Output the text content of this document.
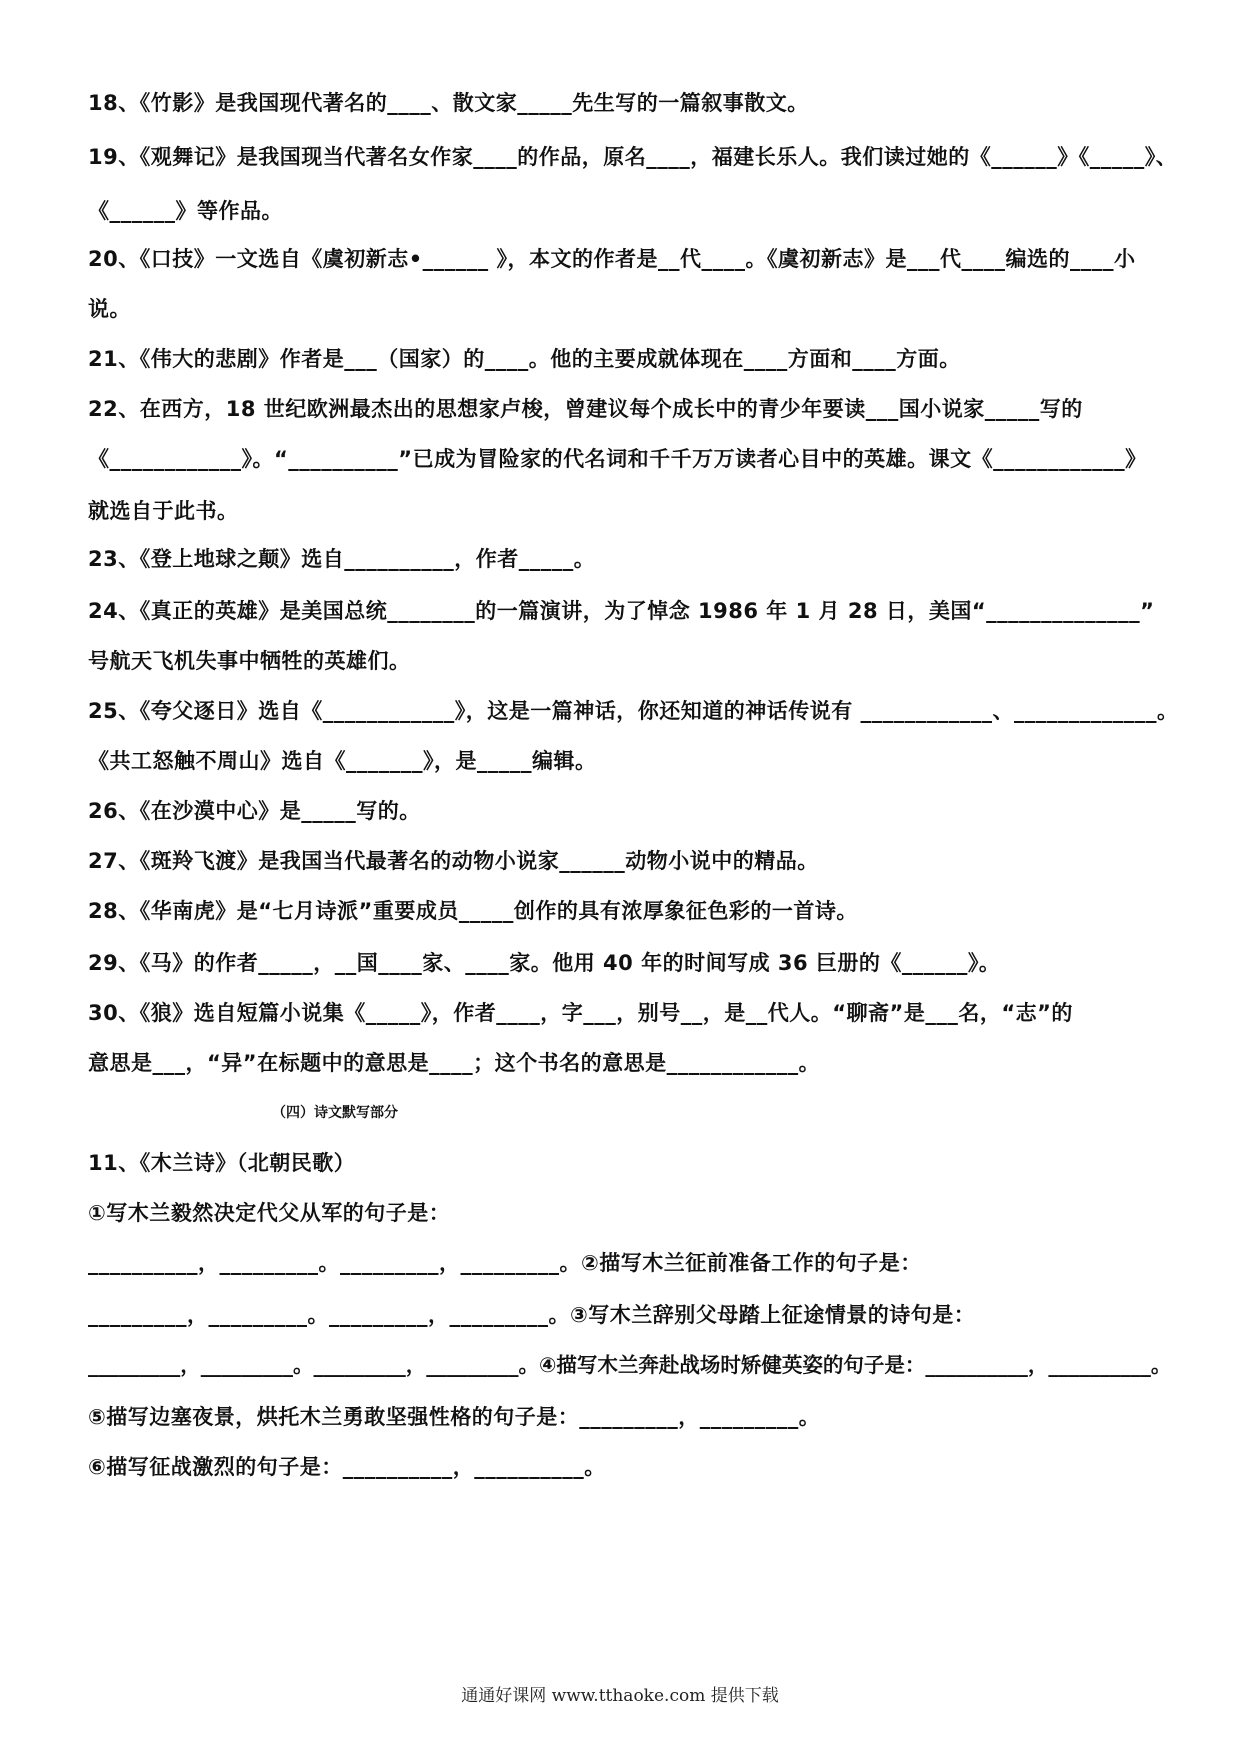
18、《竹影》是我国现代著名的____、散文家_____先生写的一篇叙事散文。
19、《观舞记》是我国现当代著名女作家____的作品，原名____，福建长乐人。我们读过她的《______》《_____》、
《______》等作品。
20、《口技》一文选自《虞初新志•______ 》，本文的作者是__代____。《虞初新志》是___代____编选的____小
说。
21、《伟大的悲剧》作者是___（国家）的____。他的主要成就体现在____方面和____方面。
22、在西方，18 世纪欧洲最杰出的思想家卢梭，曾建议每个成长中的青少年要读___国小说家_____写的
《____________》。“__________”已成为冒险家的代名词和千千万万读者心目中的英雄。课文《____________》
就选自于此书。
23、《登上地球之颠》选自__________，作者_____。
24、《真正的英雄》是美国总统________的一篇演讲，为了悼念 1986 年 1 月 28 日，美国“______________”
号航天飞机失事中牺牲的英雄们。
25、《夸父逐日》选自《____________》，这是一篇神话，你还知道的神话传说有 ____________、_____________。
《共工怒触不周山》选自《_______》，是_____编辑。
26、《在沙漠中心》是_____写的。
27、《斑羚飞渡》是我国当代最著名的动物小说家______动物小说中的精品。
28、《华南虎》是“七月诗派”重要成员_____创作的具有浓厚象征色彩的一首诗。
29、《马》的作者_____，__国____家、____家。他用 40 年的时间写成 36 巨册的《______》。
30、《狼》选自短篇小说集《_____》，作者____，字___，别号__，是__代人。“聊斋”是___名，“志”的
意思是___，“异”在标题中的意思是____；这个书名的意思是____________。
（四）诗文默写部分
11、《木兰诗》（北朝民歌）
①写木兰毅然决定代父从军的句子是：
__________，_________。_________，_________。②描写木兰征前准备工作的句子是：
_________，_________。_________，_________。③写木兰辞别父母踏上征途情景的诗句是：
_________，_________。_________，_________。④描写木兰奔赴战场时矫健英姿的句子是：__________，__________。
⑤描写边塞夜景，烘托木兰勇敢坚强性格的句子是：_________，_________。
⑥描写征战激烈的句子是：__________，__________。
通通好课网 www.tthaoke.com 提供下载
